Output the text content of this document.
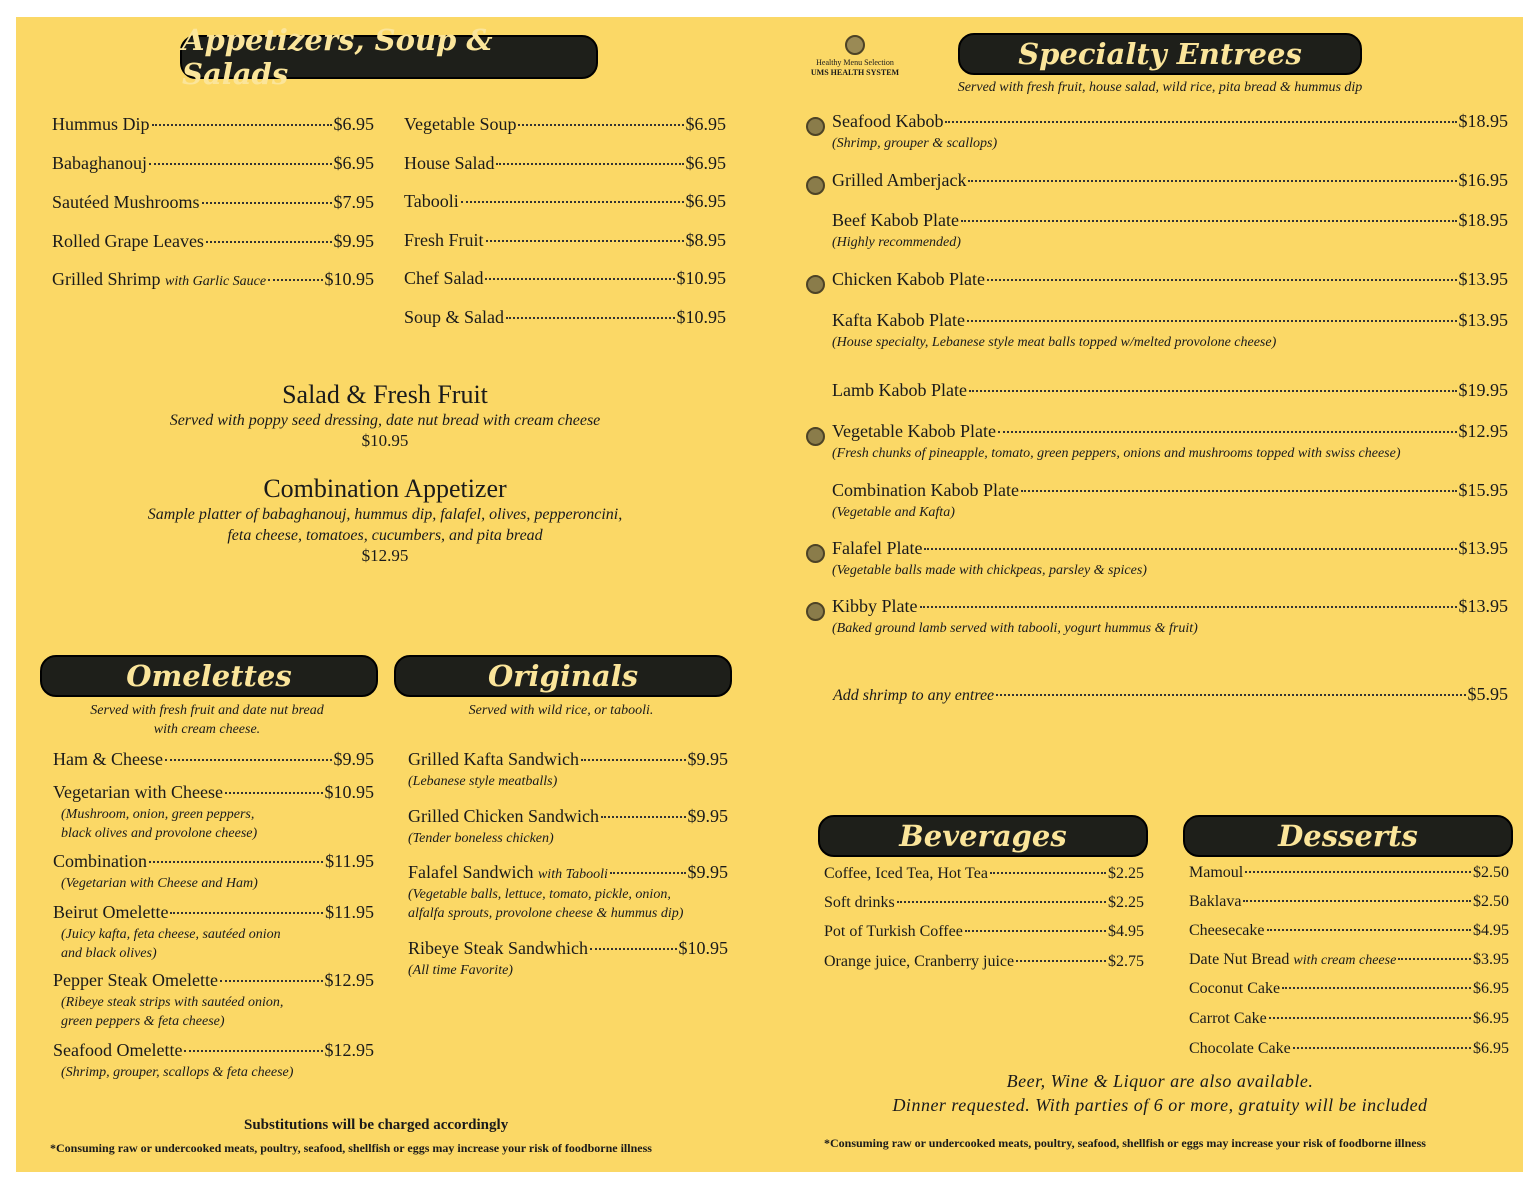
Appetizers, Soup & Salads
Hummus Dip	$6.95
Babaghanouj	$6.95
Sautéed Mushrooms	$7.95
Rolled Grape Leaves	$9.95
Grilled Shrimp with Garlic Sauce	$10.95
Vegetable Soup	$6.95
House Salad	$6.95
Tabooli	$6.95
Fresh Fruit	$8.95
Chef Salad	$10.95
Soup & Salad	$10.95
Salad & Fresh Fruit
Served with poppy seed dressing, date nut bread with cream cheese
$10.95
Combination Appetizer
Sample platter of babaghanouj, hummus dip, falafel, olives, pepperoncini,
feta cheese, tomatoes, cucumbers, and pita bread
$12.95
Omelettes
Served with fresh fruit and date nut bread
with cream cheese.
Originals
Served with wild rice, or tabooli.
Ham & Cheese	$9.95
Vegetarian with Cheese	$10.95
(Mushroom, onion, green peppers,
black olives and provolone cheese)
Combination	$11.95
(Vegetarian with Cheese and Ham)
Beirut Omelette	$11.95
(Juicy kafta, feta cheese, sautéed onion
and black olives)
Pepper Steak Omelette	$12.95
(Ribeye steak strips with sautéed onion,
green peppers & feta cheese)
Seafood Omelette	$12.95
(Shrimp, grouper, scallops & feta cheese)
Grilled Kafta Sandwich	$9.95
(Lebanese style meatballs)
Grilled Chicken Sandwich	$9.95
(Tender boneless chicken)
Falafel Sandwich with Tabooli	$9.95
(Vegetable balls, lettuce, tomato, pickle, onion,
alfalfa sprouts, provolone cheese & hummus dip)
Ribeye Steak Sandwhich	$10.95
(All time Favorite)
Substitutions will be charged accordingly
*Consuming raw or undercooked meats, poultry, seafood, shellfish or eggs may increase your risk of foodborne illness
Healthy Menu Selection
UMS HEALTH SYSTEM
Specialty Entrees
Served with fresh fruit, house salad, wild rice, pita bread & hummus dip
Seafood Kabob	$18.95
(Shrimp, grouper & scallops)
Grilled Amberjack	$16.95
Beef Kabob Plate	$18.95
(Highly recommended)
Chicken Kabob Plate	$13.95
Kafta Kabob Plate	$13.95
(House specialty, Lebanese style meat balls topped w/melted provolone cheese)
Lamb Kabob Plate	$19.95
Vegetable Kabob Plate	$12.95
(Fresh chunks of pineapple, tomato, green peppers, onions and mushrooms topped with swiss cheese)
Combination Kabob Plate	$15.95
(Vegetable and Kafta)
Falafel Plate	$13.95
(Vegetable balls made with chickpeas, parsley & spices)
Kibby Plate	$13.95
(Baked ground lamb served with tabooli, yogurt hummus & fruit)
Add shrimp to any entree	$5.95
Beverages	Desserts
Coffee, Iced Tea, Hot Tea	$2.25
Soft drinks	$2.25
Pot of Turkish Coffee	$4.95
Orange juice, Cranberry juice	$2.75
Mamoul	$2.50
Baklava	$2.50
Cheesecake	$4.95
Date Nut Bread with cream cheese	$3.95
Coconut Cake	$6.95
Carrot Cake	$6.95
Chocolate Cake	$6.95
Beer, Wine & Liquor are also available.
Dinner requested. With parties of 6 or more, gratuity will be included
*Consuming raw or undercooked meats, poultry, seafood, shellfish or eggs may increase your risk of foodborne illness
